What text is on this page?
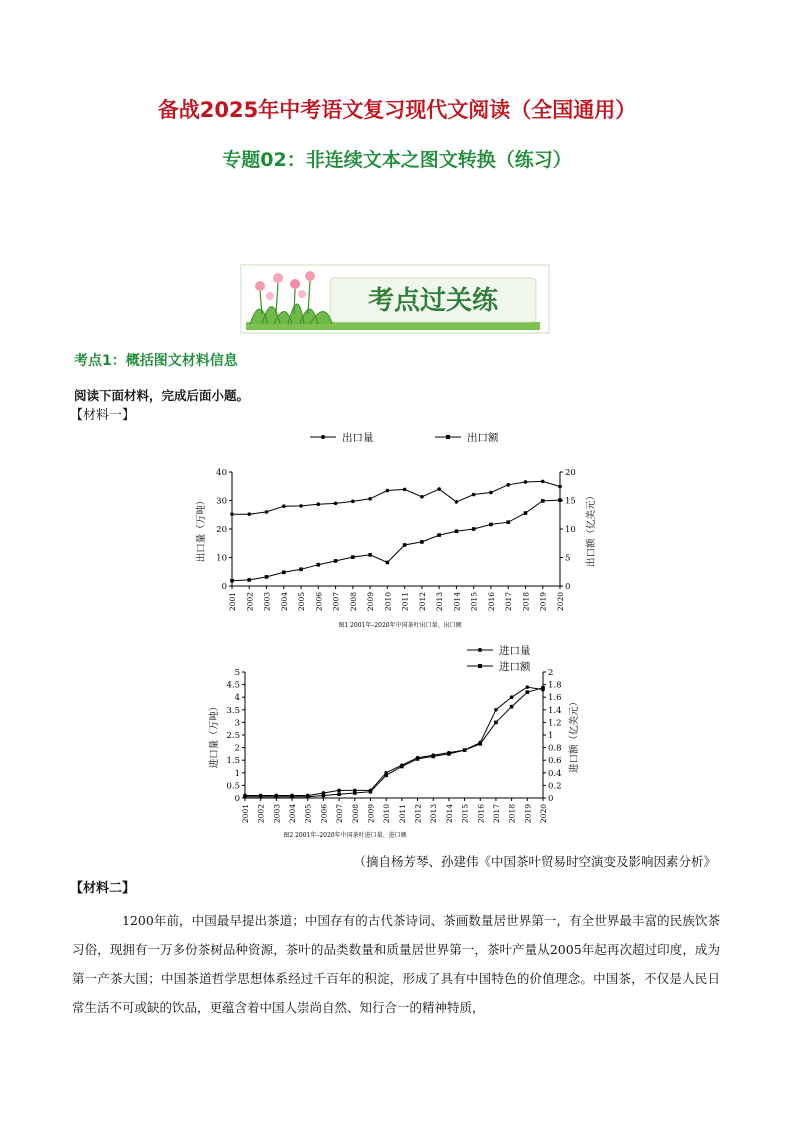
备战2025年中考语文复习现代文阅读（全国通用）
专题02：非连续文本之图文转换（练习）
考点过关练
考点1：概括图文材料信息
阅读下面材料，完成后面小题。
【材料一】
0
10
20
30
40
0
5
10
15
20
2001 2002 2003 2004 2005 2006 2007 2008 2009 2010 2011 2012 2013 2014 2015 2016 2017 2018 2019 2020
出口量（万吨）	出口额（亿美元）
出口量	出口额
图1 2001年–2020年中国茶叶出口量、出口额
0
0.5
1
1.5
2
2.5
3
3.5
4
4.5
5
0
0.2
0.4
0.6
0.8
1
1.2
1.4
1.6
1.8
2
2001 2002 2003 2004 2005 2006 2007 2008 2009 2010 2011 2012 2013 2014 2015 2016 2017 2018 2019 2020
进口量（万吨）	进口额（亿美元）
进口量
进口额
图2 2001年–2020年中国茶叶进口量、进口额
（摘自杨芳琴、孙建伟《中国茶叶贸易时空演变及影响因素分析》
【材料二】
1200年前，中国最早提出茶道；中国存有的古代茶诗词、茶画数量居世界第一，有全世界最丰富的民族饮茶习俗，现拥有一万多份茶树品种资源，茶叶的品类数量和质量居世界第一，茶叶产量从2005年起再次超过印度，成为第一产茶大国；中国茶道哲学思想体系经过千百年的积淀，形成了具有中国特色的价值理念。中国茶，不仅是人民日常生活不可或缺的饮品，更蕴含着中国人崇尚自然、知行合一的精神特质，
